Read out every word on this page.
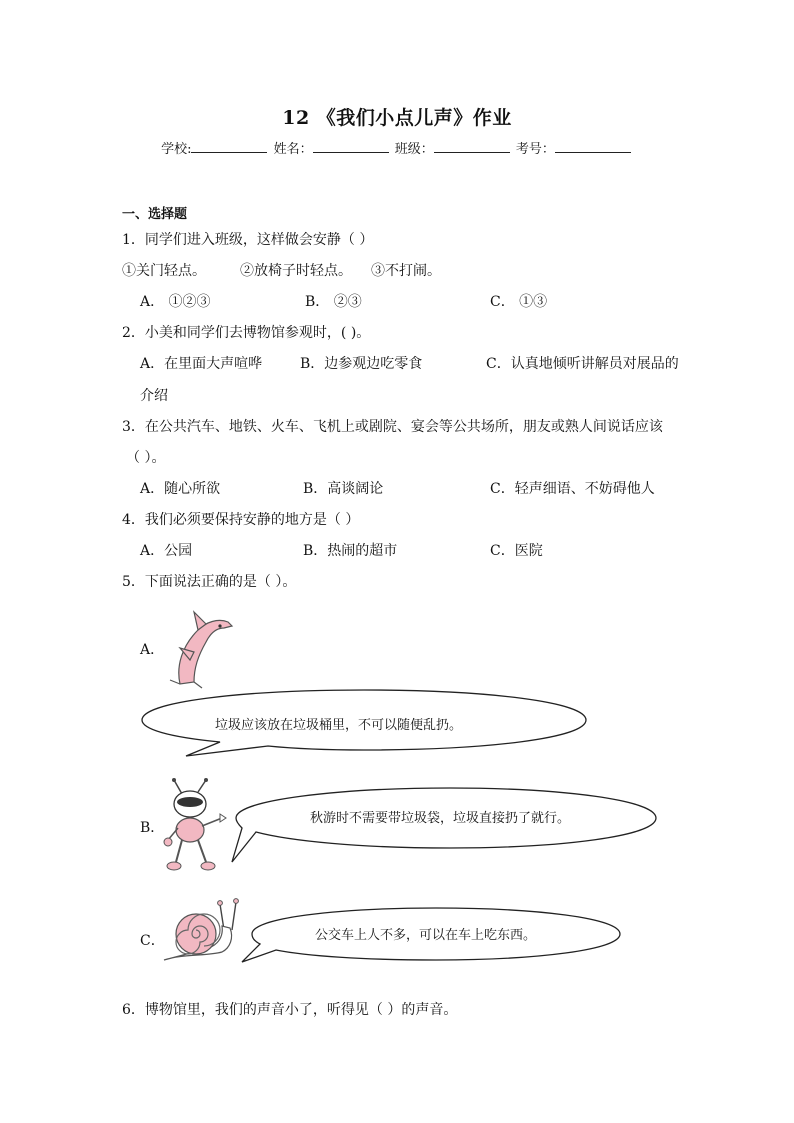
12 《我们小点儿声》作业
学校:	姓名：	班级：	考号：
一、选择题
1．同学们进入班级，这样做会安静（ ）
①关门轻点。 ②放椅子时轻点。 ③不打闹。
A． ①②③	B． ②③	C． ①③
2．小美和同学们去博物馆参观时，( )。
A．在里面大声喧哗	B．边参观边吃零食	C．认真地倾听讲解员对展品的
介绍
3．在公共汽车、地铁、火车、飞机上或剧院、宴会等公共场所，朋友或熟人间说话应该
（ ）。
A．随心所欲	B．高谈阔论	C．轻声细语、不妨碍他人
4．我们必须要保持安静的地方是（ ）
A．公园	B．热闹的超市	C．医院
5．下面说法正确的是（ ）。
A．
垃圾应该放在垃圾桶里，不可以随便乱扔。
B．
秋游时不需要带垃圾袋，垃圾直接扔了就行。
C．	公交车上人不多，可以在车上吃东西。
6．博物馆里，我们的声音小了，听得见（ ）的声音。
